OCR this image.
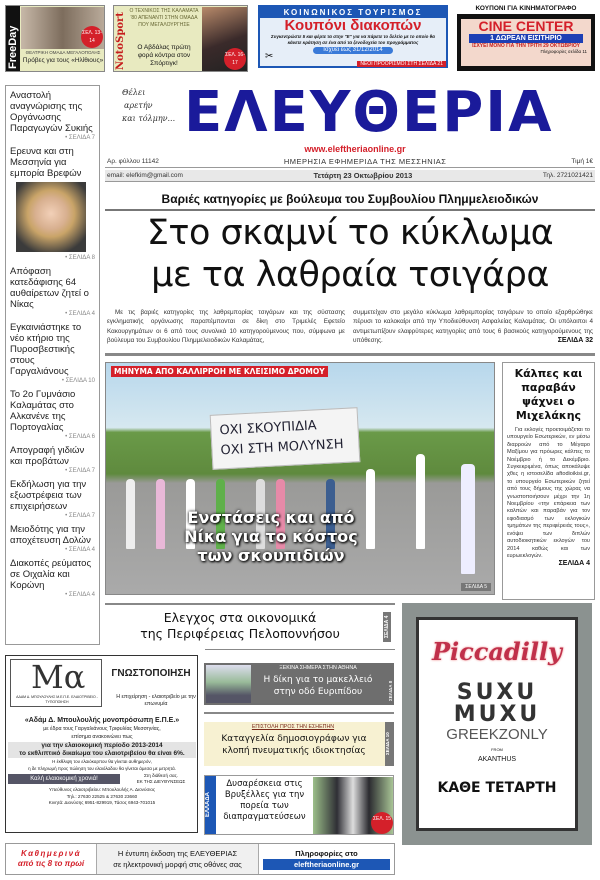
FreeDay	ΣΕΛ. 13-14
ΘΕΑΤΡΙΚΗ ΟΜΑΔΑ ΜΕΓΑΛΟΠΟΛΗΣ
Πρόβες για τους «Ηλίθιους» NotoSport
Ο ΤΕΧΝΙΚΟΣ ΤΗΣ ΚΑΛΑΜΑΤΑ '80 ΑΠΕΝΑΝΤΙ ΣΤΗΝ ΟΜΑΔΑ ΠΟΥ ΜΕΓΑΛΟΥΡΓΗΣΕ
Ο Αβδάλας πρώτη φορά κόντρα στον Σπόρτιγκ!
ΣΕΛ. 16-17
ΚΟΙΝΩΝΙΚΟΣ ΤΟΥΡΙΣΜΟΣ
Κουπόνι διακοπών
Συγκεντρώστε 5 και φέρτε τα στην "Ε" για να πάρετε το δελτίο με το οποίο θα κάνετε κράτηση σε ένα από τα ξενοδοχεία του προγράμματος
Ισχύει έως 31/12/2014
✂
ΝΕΟΙ ΠΡΟΟΡΙΣΜΟΙ ΣΤΗ ΣΕΛΙΔΑ 21
ΚΟΥΠΟΝΙ ΓΙΑ ΚΙΝΗΜΑΤΟΓΡΑΦΟ
CINE CENTER
1 ΔΩΡΕΑΝ ΕΙΣΙΤΗΡΙΟ
ΙΣΧΥΕΙ ΜΟΝΟ ΓΙΑ ΤΗΝ ΤΡΙΤΗ 29 ΟΚΤΩΒΡΙΟΥ
Πληροφορίες σελίδα 11
Αναστολή αναγνώρισης της Οργάνωσης Παραγωγών Συκιής
• ΣΕΛΙΔΑ 7
Ερευνα και στη Μεσσηνία για εμπορία Βρεφών
• ΣΕΛΙΔΑ 8
Απόφαση κατεδάφισης 64 αυθαίρετων ζητεί ο Νίκας
• ΣΕΛΙΔΑ 4
Εγκαινιάστηκε το νέο κτήριο της Πυροσβεστικής στους Γαργαλιάνους
• ΣΕΛΙΔΑ 10
Το 2ο Γυμνάσιο Καλαμάτας στο Αλκανένε της Πορτογαλίας
• ΣΕΛΙΔΑ 6
Απογραφή γιδιών και προβάτων
• ΣΕΛΙΔΑ 7
Εκδήλωση για την εξωστρέφεια των επιχειρήσεων
• ΣΕΛΙΔΑ 7
Μειοδότης για την αποχέτευση Δολών
• ΣΕΛΙΔΑ 4
Διακοπές ρεύματος σε Οιχαλία και Κορώνη
• ΣΕΛΙΔΑ 4
Θέλει
αρετήν
και τόλμην... ΕΛΕΥΘΕΡΙΑ
www.eleftheriaonline.gr
Αρ. φύλλου 11142	ΗΜΕΡΗΣΙΑ ΕΦΗΜΕΡΙΔΑ ΤΗΣ ΜΕΣΣΗΝΙΑΣ	Τιμή 1€
email: elefkim@gmail.com	Τετάρτη 23 Οκτωβρίου 2013	Τηλ. 2721021421
Βαριές κατηγορίες με βούλευμα του Συμβουλίου Πλημμελειοδικών
Στο σκαμνί το κύκλωμα
με τα λαθραία τσιγάρα
Με τις βαριές κατηγορίες της λαθρεμπορίας τσιγάρων και της σύστασης εγκληματικής οργάνωσης παραπέμπονται σε δίκη στο Τριμελές Εφετείο Κακουργημάτων οι 6 από τους συνολικά 10 κατηγορούμενους που, σύμφωνα με βούλευμα του Συμβουλίου Πλημμελειοδικών Καλαμάτας,
συμμετείχαν στο μεγάλο κύκλωμα λαθρεμπορίας τσιγάρων το οποίο εξαρθρώθηκε πέρυσι το καλοκαίρι από την Υποδιεύθυνση Ασφαλείας Καλαμάτας. Οι υπόλοιποι 4 αντιμετωπίζουν ελαφρύτερες κατηγορίες από τους 6 βασικούς κατηγορούμενους της υπόθεσης.	ΣΕΛΙΔΑ 32
ΜΗΝΥΜΑ ΑΠΟ ΚΑΛΛΙΡΡΟΗ ΜΕ ΚΛΕΙΣΙΜΟ ΔΡΟΜΟΥ
ΟΧΙ ΣΚΟΥΠΙΔΙΑ
ΟΧΙ ΣΤΗ ΜΟΛΥΝΣΗ
Ενστάσεις και από
Νίκα για το κόστος
των σκουπιδιών
ΣΕΛΙΔΑ 5
Κάλπες και παραβάν ψάχνει ο Μιχελάκης
Για εκλογές προετοιμάζεται το υπουργείο Εσωτερικών, εν μέσω διαρροών από το Μέγαρο Μαξίμου για πρόωρες κάλπες το Νοέμβριο ή το Δεκέμβριο. Συγκεκριμένα, όπως αποκάλυψε χθες η ιστοσελίδα aftodioikisi.gr, το υπουργείο Εσωτερικών ζητεί από τους δήμους της χώρας να γνωστοποιήσουν μέχρι την 1η Νοεμβρίου «την επάρκεια των καλπών και παραβάν για τον εφοδιασμό των εκλογικών τμημάτων της περιφέρειάς τους», ενόψει των διπλών αυτοδιοικητικών εκλογών του 2014 καθώς και των ευρωεκλογών.
ΣΕΛΙΔΑ 4
Ελεγχος στα οικονομικά
της Περιφέρειας Πελοποννήσου	ΣΕΛΙΔΑ 4
Mα
ΑΔΑΜ Δ. ΜΠΟΥΛΟΥΛΗΣ Μ.Ε.Π.Ε. ΕΛΑΙΟΤΡΙΒΕΙΟ - ΤΥΠΟΠΟΙΗΣΗ
ΓΝΩΣΤΟΠΟΙΗΣΗ
Η επιχείρηση - ελαιοτριβείο με την επωνυμία
«Αδάμ Δ. Μπουλουλής μονοπρόσωπη Ε.Π.Ε.»
με έδρα τους Γαργαλιάνους Τριφυλίας Μεσσηνίας,
επίσημα ανακοινώνει πως
για την ελαιοκομική περίοδο 2013-2014
το εκθλιπτικό δικαίωμα του ελαιοτριβείου θα είναι 6%.
Η έκθλιψη του ελαιόκαρπου θα γίνεται αυθημερόν,
η δε πληρωμή προς πώληση του ελαιόλαδου θα γίνεται άμεσα με μετρητά.
Καλή ελαιοκομική χρονιά!
Στη διάθεσή σας.
ΕΚ ΤΗΣ ΔΙΕΥΘΥΝΣΕΩΣ
Υπεύθυνος ελαιοτριβείου: Μπουλουλής Α. Διονύσιος
Τηλ.: 27630 22525 & 27630 23660
Κινητά: Διονύσης 6951-829919, Τάσος 6943-701015
ΞΕΚΙΝΑ ΣΗΜΕΡΑ ΣΤΗΝ ΑΘΗΝΑ
Η δίκη για το μακελλειό στην οδό Ευριπίδου	ΣΕΛΙΔΑ 8
ΕΠΙΣΤΟΛΗ ΠΡΟΣ ΤΗΝ ΕΣΗΕΠΗΝ
Καταγγελία δημοσιογράφων για κλοπή πνευματικής ιδιοκτησίας	ΣΕΛΙΔΑ 10
ΕΛΛΑΔΑ
Δυσαρέσκεια στις Βρυξέλλες για την πορεία των διαπραγματεύσεων	ΣΕΛ. 15
Piccadilly
SUXU
MUXU
GREEKZONLY
FROM
AKANTHUS
ΚΑΘΕ ΤΕΤΑΡΤΗ
Καθημερινά
από τις 8 το πρωί
Η έντυπη έκδοση της ΕΛΕΥΘΕΡΙΑΣ
σε ηλεκτρονική μορφή στις οθόνες σας
Πληροφορίες στο
eleftheriaonline.gr
